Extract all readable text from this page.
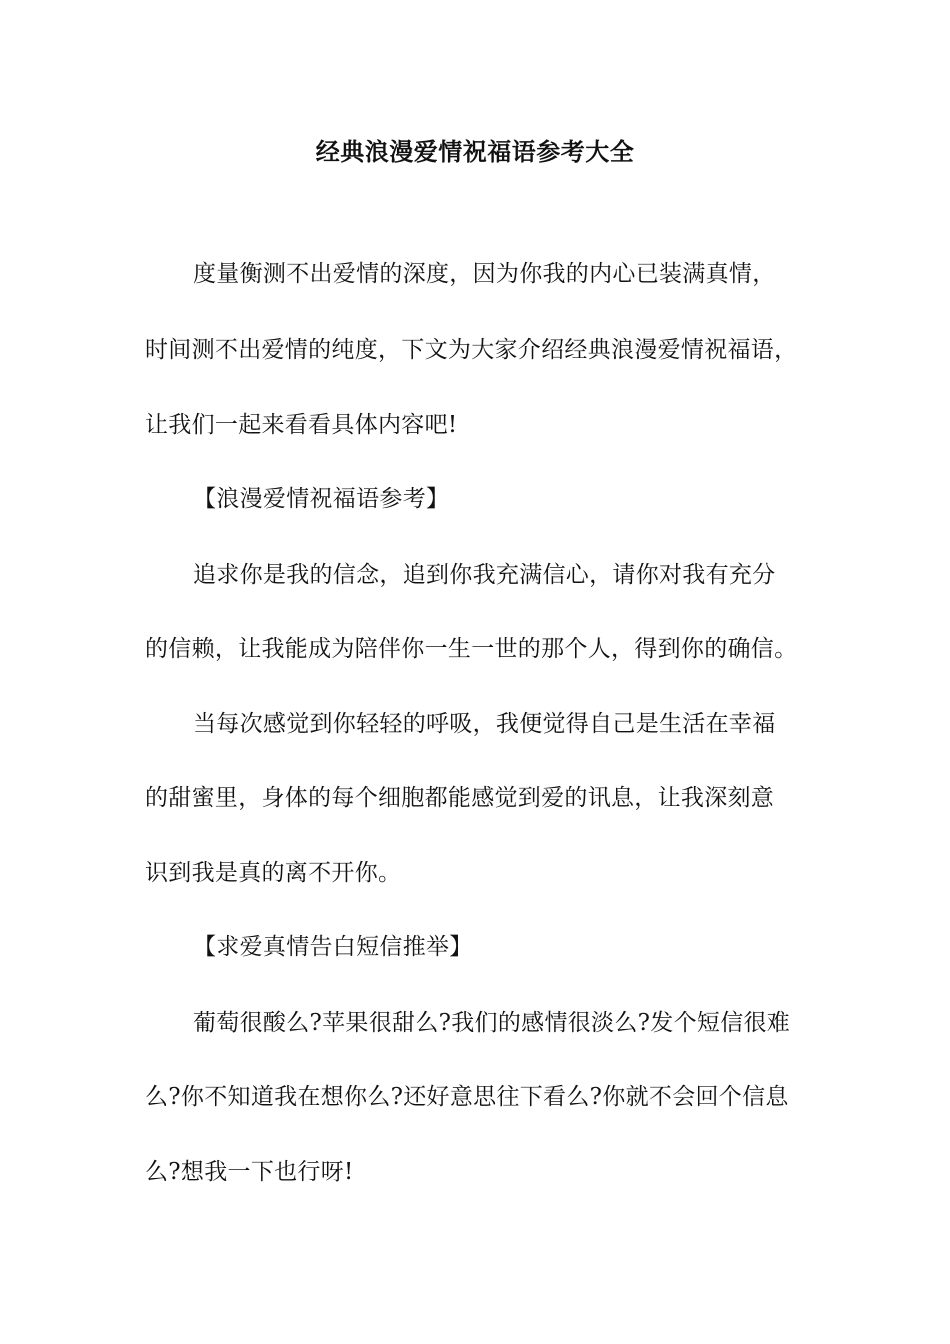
经典浪漫爱情祝福语参考大全
度量衡测不出爱情的深度，因为你我的内心已装满真情，
时间测不出爱情的纯度，下文为大家介绍经典浪漫爱情祝福语，
让我们一起来看看具体内容吧!
【浪漫爱情祝福语参考】
追求你是我的信念，追到你我充满信心，请你对我有充分
的信赖，让我能成为陪伴你一生一世的那个人，得到你的确信。
当每次感觉到你轻轻的呼吸，我便觉得自己是生活在幸福
的甜蜜里，身体的每个细胞都能感觉到爱的讯息，让我深刻意
识到我是真的离不开你。
【求爱真情告白短信推举】
葡萄很酸么?苹果很甜么?我们的感情很淡么?发个短信很难
么?你不知道我在想你么?还好意思往下看么?你就不会回个信息
么?想我一下也行呀!
